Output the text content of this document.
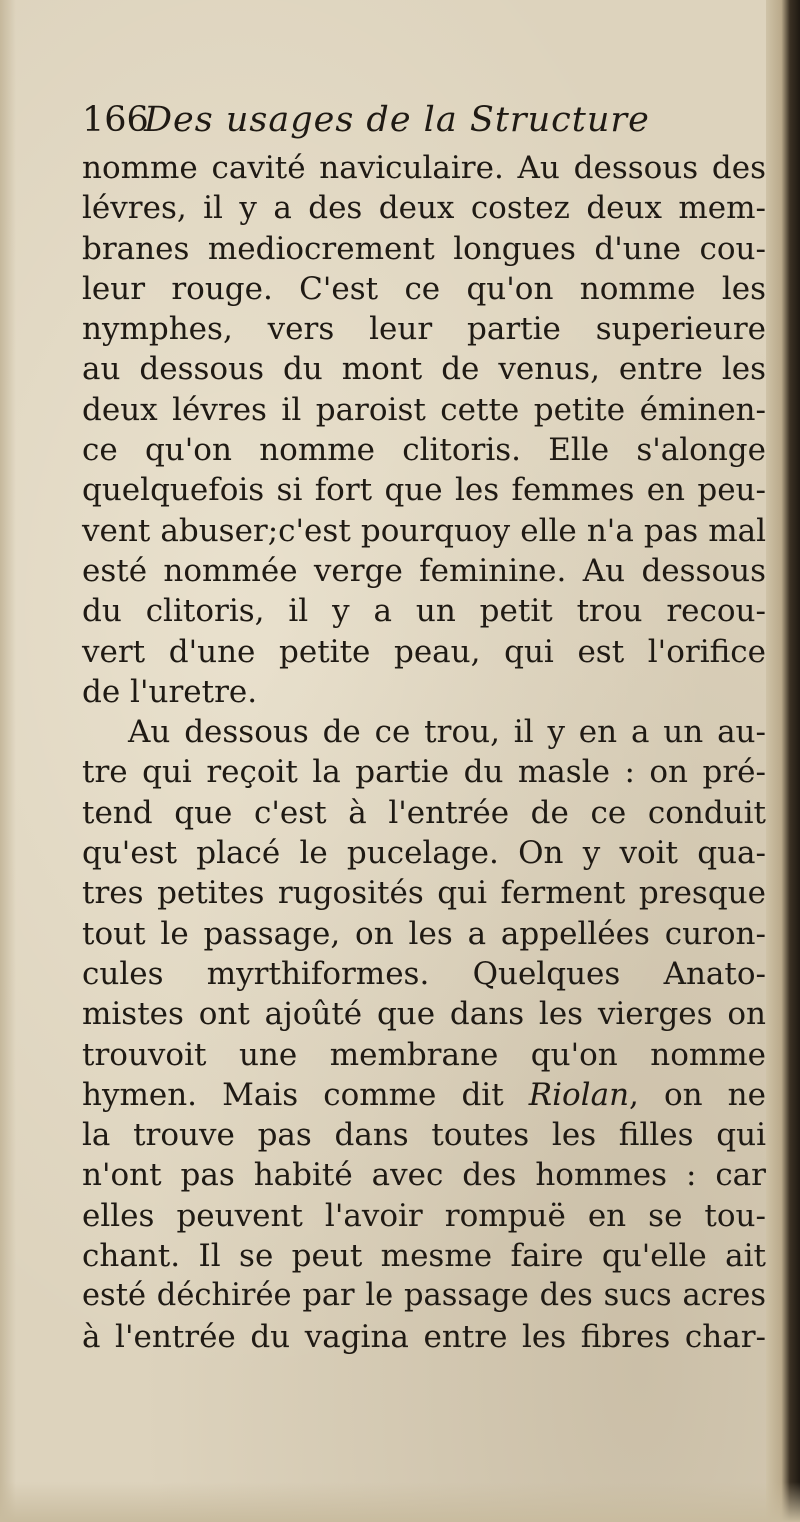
166
Des usages de la Structure
nomme cavité naviculaire. Au dessous des
lévres, il y a des deux costez deux mem-
branes mediocrement longues d'une cou-
leur rouge. C'est ce qu'on nomme les
nymphes, vers leur partie superieure
au dessous du mont de venus, entre les
deux lévres il paroist cette petite éminen-
ce qu'on nomme clitoris. Elle s'alonge
quelquefois si fort que les femmes en peu-
vent abuser;c'est pourquoy elle n'a pas mal
esté nommée verge feminine. Au dessous
du clitoris, il y a un petit trou recou-
vert d'une petite peau, qui est l'orifice
de l'uretre.
Au dessous de ce trou, il y en a un au-
tre qui reçoit la partie du masle : on pré-
tend que c'est à l'entrée de ce conduit
qu'est placé le pucelage. On y voit qua-
tres petites rugosités qui ferment presque
tout le passage, on les a appellées curon-
cules myrthiformes. Quelques Anato-
mistes ont ajoûté que dans les vierges on
trouvoit une membrane qu'on nomme
hymen. Mais comme dit Riolan, on ne
la trouve pas dans toutes les filles qui
n'ont pas habité avec des hommes : car
elles peuvent l'avoir rompuë en se tou-
chant. Il se peut mesme faire qu'elle ait
esté déchirée par le passage des sucs acres
à l'entrée du vagina entre les fibres char-
